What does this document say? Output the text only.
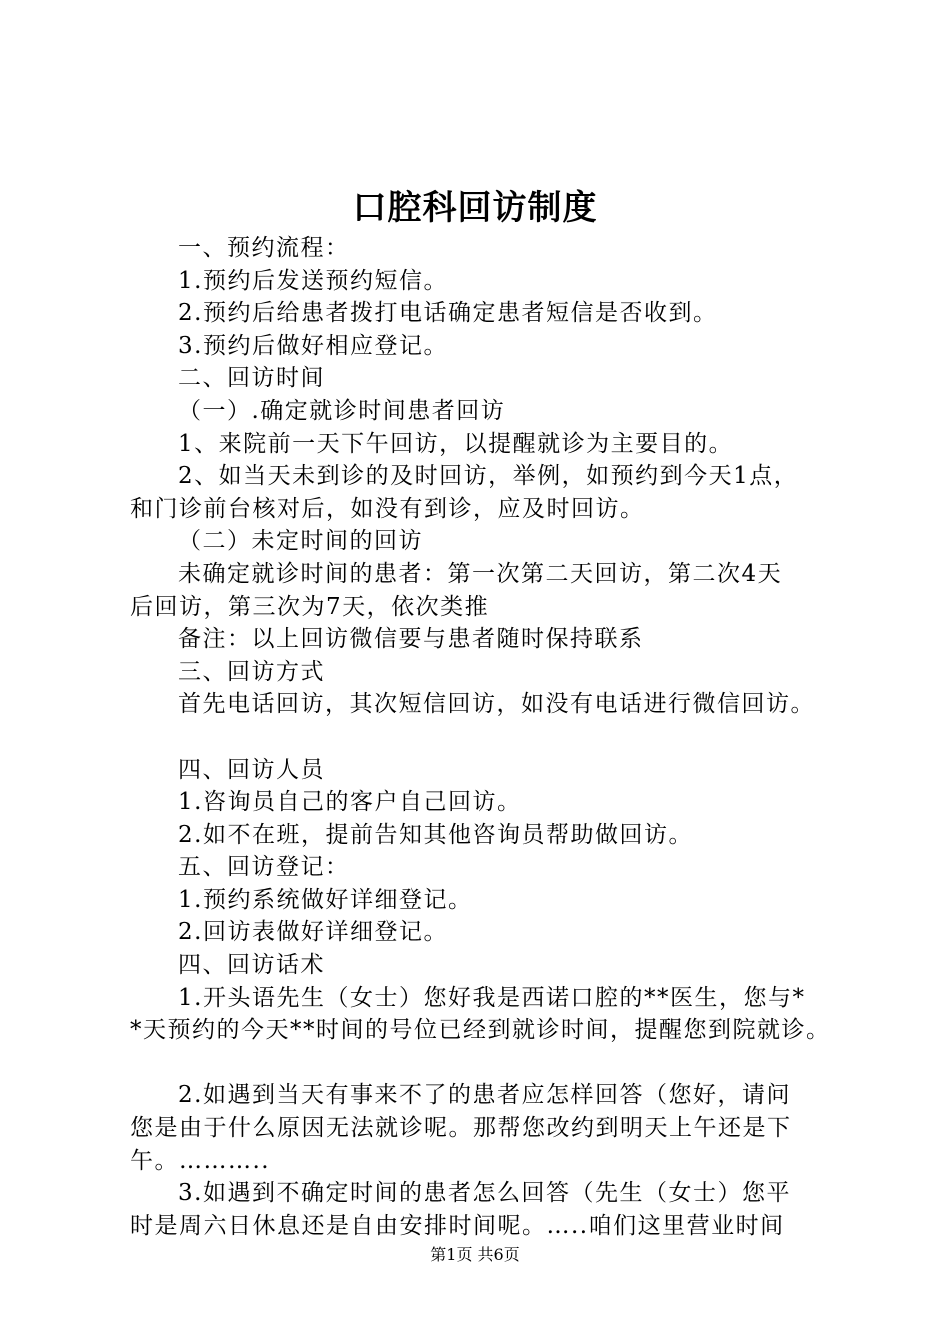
口腔科回访制度
一、预约流程：
1.预约后发送预约短信。
2.预约后给患者拨打电话确定患者短信是否收到。
3.预约后做好相应登记。
二、回访时间
（一）.确定就诊时间患者回访
1、来院前一天下午回访，以提醒就诊为主要目的。
2、如当天未到诊的及时回访，举例，如预约到今天1点，
和门诊前台核对后，如没有到诊，应及时回访。
（二）未定时间的回访
未确定就诊时间的患者：第一次第二天回访，第二次4天
后回访，第三次为7天，依次类推
备注：以上回访微信要与患者随时保持联系
三、回访方式
首先电话回访，其次短信回访，如没有电话进行微信回访。
四、回访人员
1.咨询员自己的客户自己回访。
2.如不在班，提前告知其他咨询员帮助做回访。
五、回访登记：
1.预约系统做好详细登记。
2.回访表做好详细登记。
四、回访话术
1.开头语先生（女士）您好我是西诺口腔的**医生，您与*
*天预约的今天**时间的号位已经到就诊时间，提醒您到院就诊。
2.如遇到当天有事来不了的患者应怎样回答（您好，请问
您是由于什么原因无法就诊呢。那帮您改约到明天上午还是下
午。………..
3.如遇到不确定时间的患者怎么回答（先生（女士）您平
时是周六日休息还是自由安排时间呢。…..咱们这里营业时间
第1页 共6页
